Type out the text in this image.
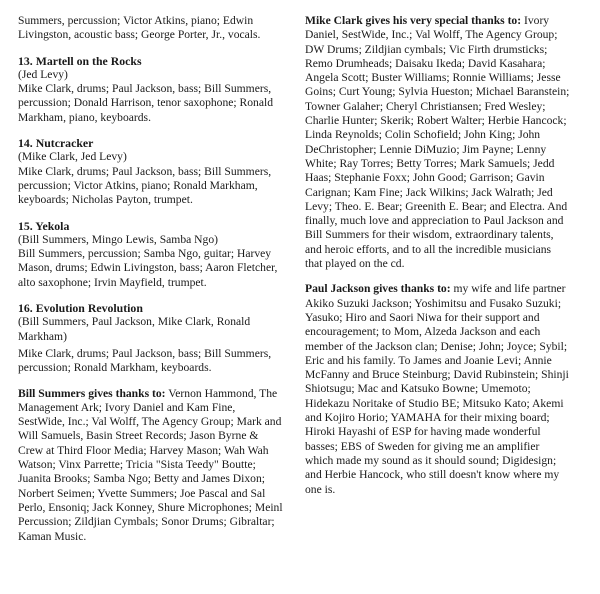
Summers, percussion; Victor Atkins, piano; Edwin Livingston, acoustic bass; George Porter, Jr., vocals.

13. Martell on the Rocks

(Jed Levy)

Mike Clark, drums; Paul Jackson, bass; Bill Summers, percussion; Donald Harrison, tenor saxophone; Ronald Markham, piano, keyboards.

14. Nutcracker

(Mike Clark, Jed Levy)

Mike Clark, drums; Paul Jackson, bass; Bill Summers, percussion; Victor Atkins, piano; Ronald Markham, keyboards; Nicholas Payton, trumpet.

15. Yekola

(Bill Summers, Mingo Lewis, Samba Ngo)

Bill Summers, percussion; Samba Ngo, guitar; Harvey Mason, drums; Edwin Livingston, bass; Aaron Fletcher, alto saxophone; Irvin Mayfield, trumpet.

16. Evolution Revolution

(Bill Summers, Paul Jackson, Mike Clark, Ronald Markham)

Mike Clark, drums; Paul Jackson, bass; Bill Summers, percussion; Ronald Markham, keyboards.

Bill Summers gives thanks to: Vernon Hammond, The Management Ark; Ivory Daniel and Kam Fine, SestWide, Inc.; Val Wolff, The Agency Group; Mark and Will Samuels, Basin Street Records; Jason Byrne & Crew at Third Floor Media; Harvey Mason; Wah Wah Watson; Vinx Parrette; Tricia "Sista Teedy" Boutte; Juanita Brooks; Samba Ngo; Betty and James Dixon; Norbert Seimen; Yvette Summers; Joe Pascal and Sal Perlo, Ensoniq; Jack Konney, Shure Microphones; Meinl Percussion; Zildjian Cymbals; Sonor Drums; Gibraltar; Kaman Music.

Mike Clark gives his very special thanks to: Ivory Daniel, SestWide, Inc.; Val Wolff, The Agency Group; DW Drums; Zildjian cymbals; Vic Firth drumsticks; Remo Drumheads; Daisaku Ikeda; David Kasahara; Angela Scott; Buster Williams; Ronnie Williams; Jesse Goins; Curt Young; Sylvia Hueston; Michael Baranstein; Towner Galaher; Cheryl Christiansen; Fred Wesley; Charlie Hunter; Skerik; Robert Walter; Herbie Hancock; Linda Reynolds; Colin Schofield; John King; John DeChristopher; Lennie DiMuzio; Jim Payne; Lenny White; Ray Torres; Betty Torres; Mark Samuels; Jedd Haas; Stephanie Foxx; John Good; Garrison; Gavin Carignan; Kam Fine; Jack Wilkins; Jack Walrath; Jed Levy; Theo. E. Bear; Greenith E. Bear; and Electra. And finally, much love and appreciation to Paul Jackson and Bill Summers for their wisdom, extraordinary talents, and heroic efforts, and to all the incredible musicians that played on the cd.

Paul Jackson gives thanks to: my wife and life partner Akiko Suzuki Jackson; Yoshimitsu and Fusako Suzuki; Yasuko; Hiro and Saori Niwa for their support and encouragement; to Mom, Alzeda Jackson and each member of the Jackson clan; Denise; John; Joyce; Sybil; Eric and his family. To James and Joanie Levi; Annie McFanny and Bruce Steinburg; David Rubinstein; Shinji Shiotsugu; Mac and Katsuko Bowne; Umemoto; Hidekazu Noritake of Studio BE; Mitsuko Kato; Akemi and Kojiro Horio; YAMAHA for their mixing board; Hiroki Hayashi of ESP for having made wonderful basses; EBS of Sweden for giving me an amplifier which made my sound as it should sound; Digidesign; and Herbie Hancock, who still doesn't know where my one is.
